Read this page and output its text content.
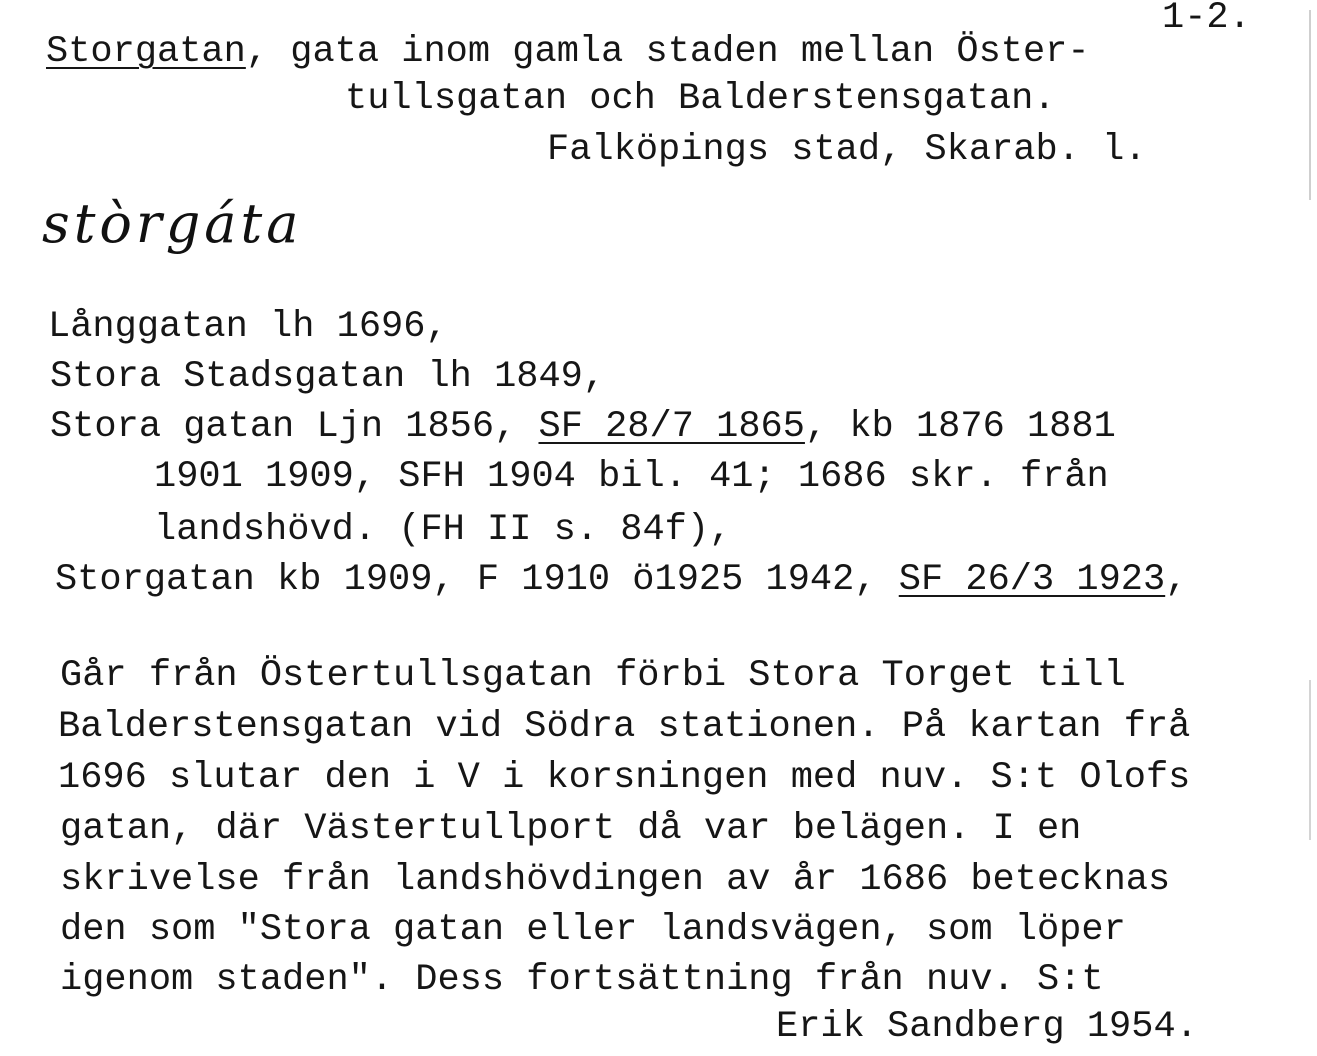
1-2.
Storgatan, gata inom gamla staden mellan Öster-
tullsgatan och Balderstensgatan.
Falköpings stad, Skarab. l.
stòrgáta
Långgatan lh 1696,
Stora Stadsgatan lh 1849,
Stora gatan Ljn 1856, SF 28/7 1865, kb 1876 1881
1901 1909, SFH 1904 bil. 41; 1686 skr. från
landshövd. (FH II s. 84f),
Storgatan kb 1909, F 1910 ö1925 1942, SF 26/3 1923,
Går från Östertullsgatan förbi Stora Torget till
Balderstensgatan vid Södra stationen. På kartan frå
1696 slutar den i V i korsningen med nuv. S:t Olofs
gatan, där Västertullport då var belägen. I en
skrivelse från landshövdingen av år 1686 betecknas
den som "Stora gatan eller landsvägen, som löper
igenom staden". Dess fortsättning från nuv. S:t
Erik Sandberg 1954.
